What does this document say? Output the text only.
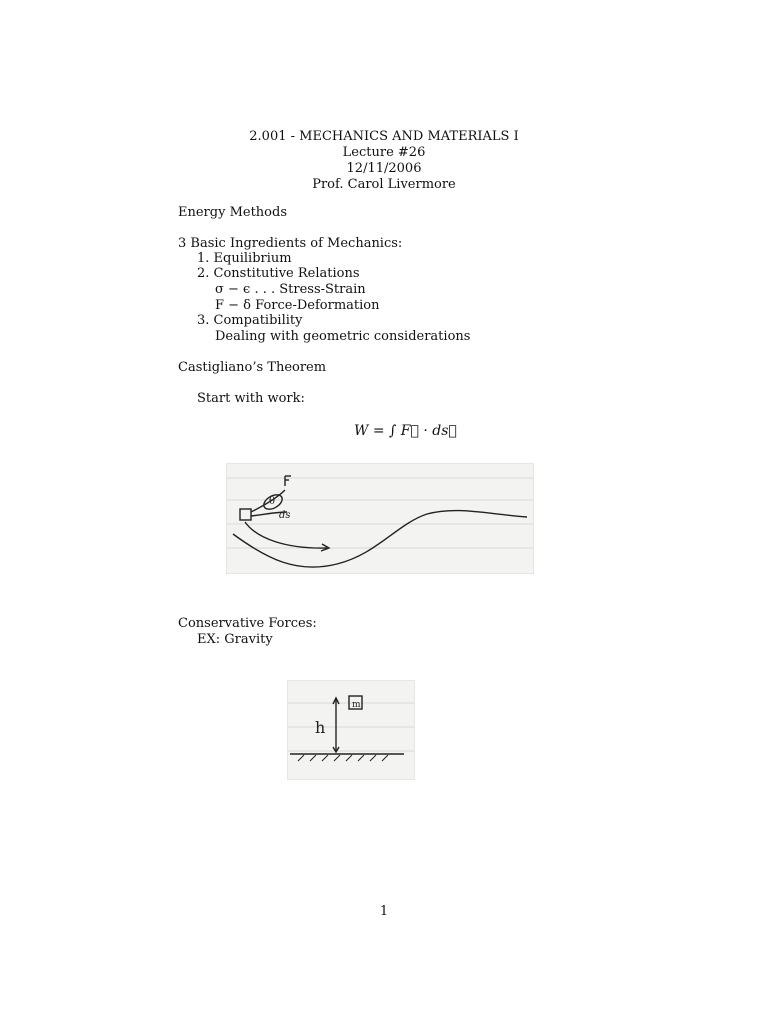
2.001 - MECHANICS AND MATERIALS I
Lecture #26
12/11/2006
Prof. Carol Livermore
Energy Methods
3 Basic Ingredients of Mechanics:
1. Equilibrium
2. Constitutive Relations
σ − ϵ . . . Stress-Strain
F − δ Force-Deformation
3. Compatibility
Dealing with geometric considerations
Castigliano’s Theorem
Start with work:
W = ∫ F⃗ · ds⃗
θ
ds
Conservative Forces:
EX: Gravity
h
m
1
